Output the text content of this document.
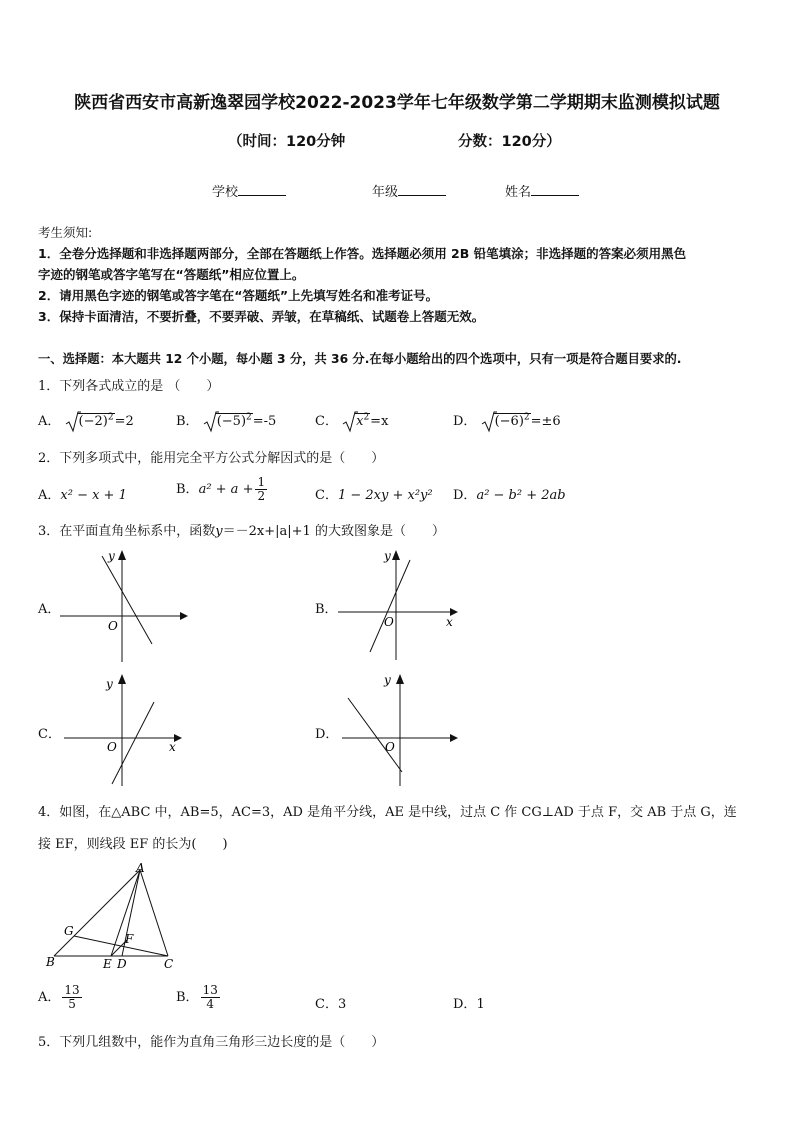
陕西省西安市高新逸翠园学校2022-2023学年七年级数学第二学期期末监测模拟试题
（时间：120分钟	分数：120分）
学校	年级	姓名
考生须知:
1．全卷分选择题和非选择题两部分，全部在答题纸上作答。选择题必须用 2B 铅笔填涂；非选择题的答案必须用黑色
字迹的钢笔或答字笔写在“答题纸”相应位置上。
2．请用黑色字迹的钢笔或答字笔在“答题纸”上先填写姓名和准考证号。
3．保持卡面清洁，不要折叠，不要弄破、弄皱，在草稿纸、试题卷上答题无效。
一、选择题：本大题共 12 个小题，每小题 3 分，共 36 分.在每小题给出的四个选项中，只有一项是符合题目要求的.
1．下列各式成立的是 （　　）
A． $(-2)^2=2$	B． $(-5)^2=-5$	C． $x^2=x$	D． $(-6)^2=\pm 6$
2．下列多项式中，能用完全平方公式分解因式的是（　　）
A．x² − x + 1	B．$a^2 + a + \frac{1}{2}$	C．1 − 2xy + x²y² D．a² − b² + 2ab
3．在平面直角坐标系中，函数y＝－2x+|a|+1 的大致图象是（　　）
A．
y
O
B．
y
x
O
C．
y
x
O
D．
y
O
4．如图，在△ABC 中，AB=5，AC=3，AD 是角平分线，AE 是中线，过点 C 作 CG⊥AD 于点 F，交 AB 于点 G，连
接 EF，则线段 EF 的长为(　　)
A
B	C
D
E
F
G
A． $\frac{13}{5}$	B． $\frac{13}{4}$	C．3	D．1
5．下列几组数中，能作为直角三角形三边长度的是（　　）
